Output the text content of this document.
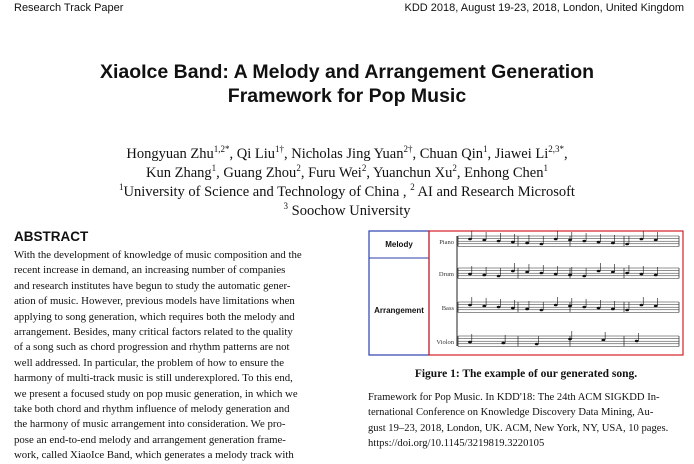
Research Track Paper	KDD 2018, August 19-23, 2018, London, United Kingdom
XiaoIce Band: A Melody and Arrangement Generation
Framework for Pop Music
Hongyuan Zhu$^{1,2*}$, Qi Liu$^{1\dagger}$, Nicholas Jing Yuan$^{2\dagger}$, Chuan Qin$^1$, Jiawei $Li^{2,3*}$,
Kun Zhang$^1$, Guang Zhou$^2$, Furu Wei$^2$, Yuanchun Xu$^2$, Enhong Chen$^1$
$^1$University of Science and Technology of China , $^2$ AI and Research Microsoft
$^3$ Soochow University
ABSTRACT
With the development of knowledge of music composition and the
recent increase in demand, an increasing number of companies
and research institutes have begun to study the automatic gener-
ation of music. However, previous models have limitations when
applying to song generation, which requires both the melody and
arrangement. Besides, many critical factors related to the quality
of a song such as chord progression and rhythm patterns are not
well addressed. In particular, the problem of how to ensure the
harmony of multi-track music is still underexplored. To this end,
we present a focused study on pop music generation, in which we
take both chord and rhythm influence of melody generation and
the harmony of music arrangement into consideration. We pro-
pose an end-to-end melody and arrangement generation frame-
work, called XiaoIce Band, which generates a melody track with
Melody
Arrangement
Piano
Drum
Bass
Violon
Figure 1: The example of our generated song.
Framework for Pop Music. In KDD'18: The 24th ACM SIGKDD In-
ternational Conference on Knowledge Discovery Data Mining, Au-
gust 19–23, 2018, London, UK. ACM, New York, NY, USA, 10 pages.
https://doi.org/10.1145/3219819.3220105
